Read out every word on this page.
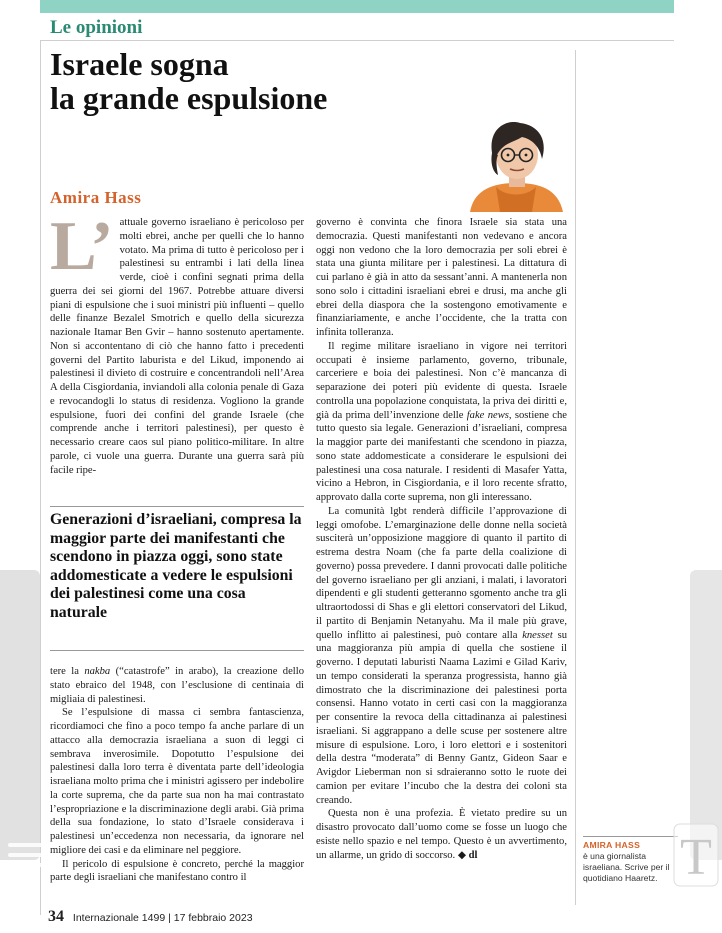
Le opinioni
Israele sogna
la grande espulsione
Amira Hass
L’ attuale governo israeliano è pericoloso per molti ebrei, anche per quelli che lo hanno votato. Ma prima di tutto è pericoloso per i palestinesi su entrambi i lati della linea verde, cioè i confini segnati prima della guerra dei sei giorni del 1967. Potrebbe attuare diversi piani di espulsione che i suoi ministri più influenti – quello delle finanze Bezalel Smotrich e quello della sicurezza nazionale Itamar Ben Gvir – hanno sostenuto apertamente. Non si accontentano di ciò che hanno fatto i precedenti governi del Partito laburista e del Likud, imponendo ai palestinesi il divieto di costruire e concentrandoli nell’Area A della Cisgiordania, inviandoli alla colonia penale di Gaza e revocandogli lo status di residenza. Vogliono la grande espulsione, fuori dei confini del grande Israele (che comprende anche i territori palestinesi), per questo è necessario creare caos sul piano politico-militare. In altre parole, ci vuole una guerra. Durante una guerra sarà più facile ripe-

Generazioni d’israeliani, compresa la maggior parte dei manifestanti che scendono in piazza oggi, sono state addomesticate a vedere le espulsioni dei palestinesi come una cosa naturale

tere la nakba (“catastrofe” in arabo), la creazione dello stato ebraico del 1948, con l’esclusione di centinaia di migliaia di palestinesi.

Se l’espulsione di massa ci sembra fantascienza, ricordiamoci che fino a poco tempo fa anche parlare di un attacco alla democrazia israeliana a suon di leggi ci sembrava inverosimile. Dopotutto l’espulsione dei palestinesi dalla loro terra è diventata parte dell’ideologia israeliana molto prima che i ministri agissero per indebolire la corte suprema, che da parte sua non ha mai contrastato l’espropriazione e la discriminazione degli arabi. Già prima della sua fondazione, lo stato d’Israele considerava i palestinesi un’eccedenza non necessaria, da ignorare nel migliore dei casi e da eliminare nel peggiore.

Il pericolo di espulsione è concreto, perché la maggior parte degli israeliani che manifestano contro il

governo è convinta che finora Israele sia stata una democrazia. Questi manifestanti non vedevano e ancora oggi non vedono che la loro democrazia per soli ebrei è stata una giunta militare per i palestinesi. La dittatura di cui parlano è già in atto da sessant’anni. A mantenerla non sono solo i cittadini israeliani ebrei e drusi, ma anche gli ebrei della diaspora che la sostengono emotivamente e finanziariamente, e anche l’occidente, che la tratta con infinita tolleranza.

Il regime militare israeliano in vigore nei territori occupati è insieme parlamento, governo, tribunale, carceriere e boia dei palestinesi. Non c’è mancanza di separazione dei poteri più evidente di questa. Israele controlla una popolazione conquistata, la priva dei diritti e, già da prima dell’invenzione delle fake news, sostiene che tutto questo sia legale. Generazioni d’israeliani, compresa la maggior parte dei manifestanti che scendono in piazza, sono state addomesticate a considerare le espulsioni dei palestinesi una cosa naturale. I residenti di Masafer Yatta, vicino a Hebron, in Cisgiordania, e il loro recente sfratto, approvato dalla corte suprema, non gli interessano.

La comunità lgbt renderà difficile l’approvazione di leggi omofobe. L’emarginazione delle donne nella società susciterà un’opposizione maggiore di quanto il partito di estrema destra Noam (che fa parte della coalizione di governo) possa prevedere. I danni provocati dalle politiche del governo israeliano per gli anziani, i malati, i lavoratori dipendenti e gli studenti getteranno sgomento anche tra gli ultraortodossi di Shas e gli elettori conservatori del Likud, il partito di Benjamin Netanyahu. Ma il male più grave, quello inflitto ai palestinesi, può contare alla knesset su una maggioranza più ampia di quella che sostiene il governo. I deputati laburisti Naama Lazimi e Gilad Kariv, un tempo considerati la speranza progressista, hanno già dimostrato che la discriminazione dei palestinesi porta consensi. Hanno votato in certi casi con la maggioranza per consentire la revoca della cittadinanza ai palestinesi israeliani. Si aggrappano a delle scuse per sostenere altre misure di espulsione. Loro, i loro elettori e i sostenitori della destra “moderata” di Benny Gantz, Gideon Saar e Avigdor Lieberman non si sdraieranno sotto le ruote dei camion per evitare l’incubo che la destra dei coloni sta creando.

Questa non è una profezia. È vietato predire su un disastro provocato dall’uomo come se fosse un luogo che esiste nello spazio e nel tempo. Questo è un avvertimento, un allarme, un grido di soccorso. ◆ dl

AMIRA HASS
è una giornalista israeliana. Scrive per il quotidiano Haaretz.
34 Internazionale 1499 | 17 febbraio 2023
T
